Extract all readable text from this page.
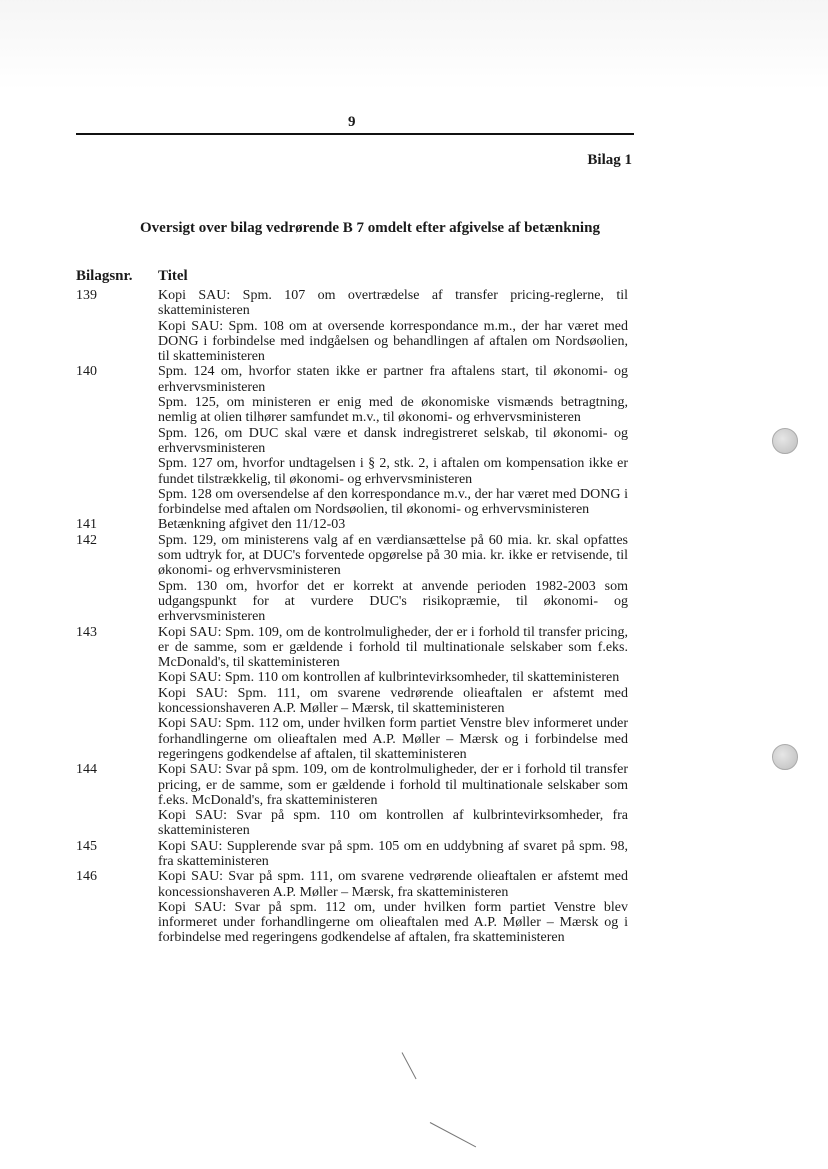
9
Bilag 1
Oversigt over bilag vedrørende B 7 omdelt efter afgivelse af betænkning
Bilagsnr. Titel
139	Kopi SAU: Spm. 107 om overtrædelse af transfer pricing-reglerne, til skatteministeren
Kopi SAU: Spm. 108 om at oversende korrespondance m.m., der har været med DONG i forbindelse med indgåelsen og behandlingen af aftalen om Nordsøolien, til skatteministeren
140	Spm. 124 om, hvorfor staten ikke er partner fra aftalens start, til økonomi- og erhvervsministeren
Spm. 125, om ministeren er enig med de økonomiske vismænds betragtning, nemlig at olien tilhører samfundet m.v., til økonomi- og erhvervsministeren
Spm. 126, om DUC skal være et dansk indregistreret selskab, til økonomi- og erhvervsministeren
Spm. 127 om, hvorfor undtagelsen i § 2, stk. 2, i aftalen om kompensation ikke er fundet tilstrækkelig, til økonomi- og erhvervsministeren
Spm. 128 om oversendelse af den korrespondance m.v., der har været med DONG i forbindelse med aftalen om Nordsøolien, til økonomi- og erhvervsministeren
141	Betænkning afgivet den 11/12-03
142	Spm. 129, om ministerens valg af en værdiansættelse på 60 mia. kr. skal opfattes som udtryk for, at DUC's forventede opgørelse på 30 mia. kr. ikke er retvisende, til økonomi- og erhvervsministeren
Spm. 130 om, hvorfor det er korrekt at anvende perioden 1982-2003 som udgangspunkt for at vurdere DUC's risikopræmie, til økonomi- og erhvervsministeren
143	Kopi SAU: Spm. 109, om de kontrolmuligheder, der er i forhold til transfer pricing, er de samme, som er gældende i forhold til multinationale selskaber som f.eks. McDonald's, til skatteministeren
Kopi SAU: Spm. 110 om kontrollen af kulbrintevirksomheder, til skatteministeren
Kopi SAU: Spm. 111, om svarene vedrørende olieaftalen er afstemt med koncessionshaveren A.P. Møller – Mærsk, til skatteministeren
Kopi SAU: Spm. 112 om, under hvilken form partiet Venstre blev informeret under forhandlingerne om olieaftalen med A.P. Møller – Mærsk og i forbindelse med regeringens godkendelse af aftalen, til skatteministeren
144	Kopi SAU: Svar på spm. 109, om de kontrolmuligheder, der er i forhold til transfer pricing, er de samme, som er gældende i forhold til multinationale selskaber som f.eks. McDonald's, fra skatteministeren
Kopi SAU: Svar på spm. 110 om kontrollen af kulbrintevirksomheder, fra skatteministeren
145	Kopi SAU: Supplerende svar på spm. 105 om en uddybning af svaret på spm. 98, fra skatteministeren
146	Kopi SAU: Svar på spm. 111, om svarene vedrørende olieaftalen er afstemt med koncessionshaveren A.P. Møller – Mærsk, fra skatteministeren
Kopi SAU: Svar på spm. 112 om, under hvilken form partiet Venstre blev informeret under forhandlingerne om olieaftalen med A.P. Møller – Mærsk og i forbindelse med regeringens godkendelse af aftalen, fra skatteministeren
